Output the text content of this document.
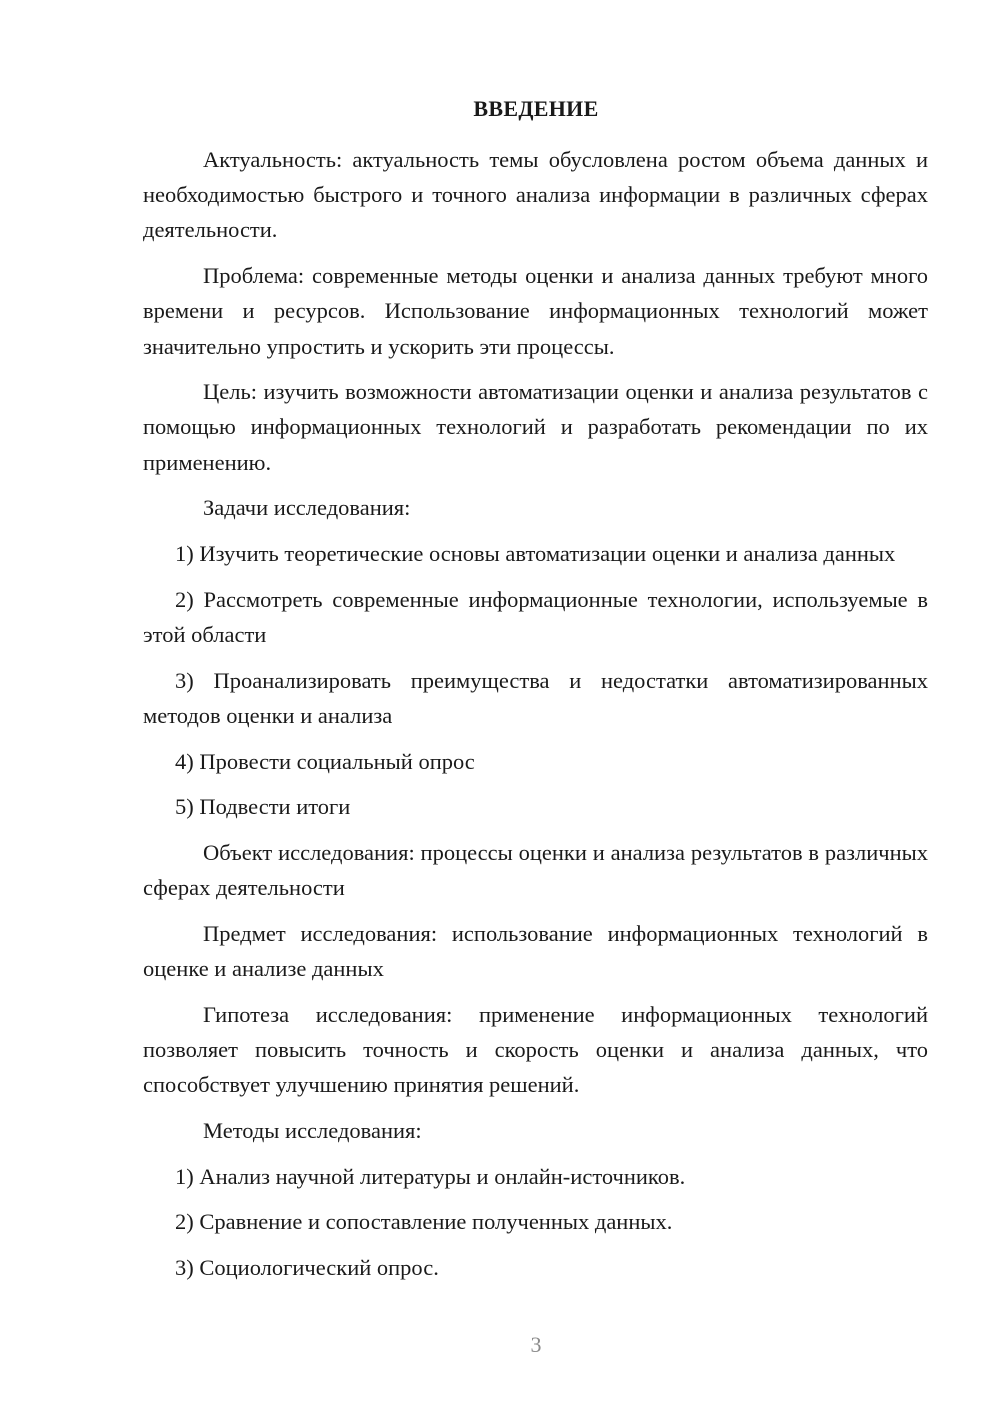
ВВЕДЕНИЕ

Актуальность: актуальность темы обусловлена ростом объема данных и необходимостью быстрого и точного анализа информации в различных сферах деятельности.

Проблема: современные методы оценки и анализа данных требуют много времени и ресурсов. Использование информационных технологий может значительно упростить и ускорить эти процессы.

Цель: изучить возможности автоматизации оценки и анализа результатов с помощью информационных технологий и разработать рекомендации по их применению.

Задачи исследования:

1) Изучить теоретические основы автоматизации оценки и анализа данных

2) Рассмотреть современные информационные технологии, используемые в этой области

3) Проанализировать преимущества и недостатки автоматизированных методов оценки и анализа

4) Провести социальный опрос

5) Подвести итоги

Объект исследования: процессы оценки и анализа результатов в различных сферах деятельности

Предмет исследования: использование информационных технологий в оценке и анализе данных

Гипотеза исследования: применение информационных технологий позволяет повысить точность и скорость оценки и анализа данных, что способствует улучшению принятия решений.

Методы исследования:

1) Анализ научной литературы и онлайн-источников.

2) Сравнение и сопоставление полученных данных.

3) Социологический опрос.

3
